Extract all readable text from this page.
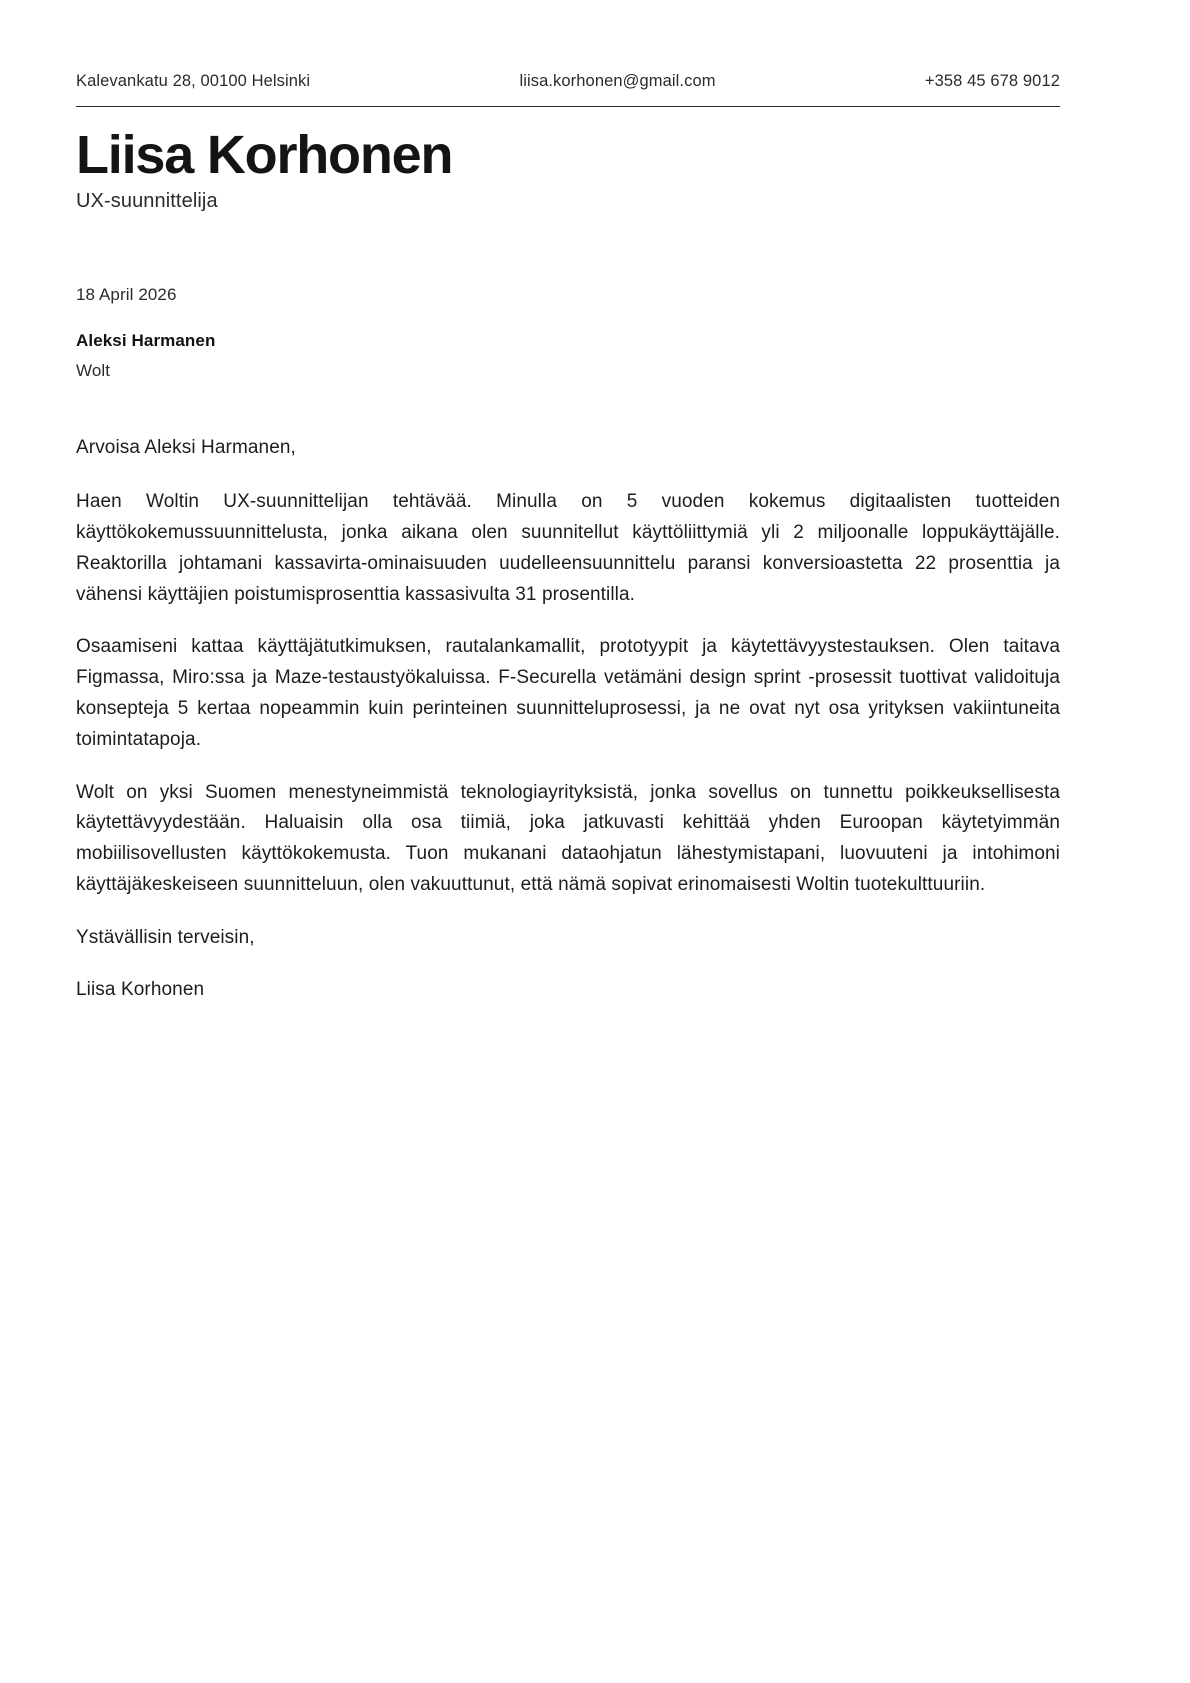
Kalevankatu 28, 00100 Helsinki	liisa.korhonen@gmail.com	+358 45 678 9012
Liisa Korhonen
UX-suunnittelija
18 April 2026
Aleksi Harmanen
Wolt
Arvoisa Aleksi Harmanen,

Haen Woltin UX-suunnittelijan tehtävää. Minulla on 5 vuoden kokemus digitaalisten tuotteiden käyttökokemussuunnittelusta, jonka aikana olen suunnitellut käyttöliittymiä yli 2 miljoonalle loppukäyttäjälle. Reaktorilla johtamani kassavirta-ominaisuuden uudelleensuunnittelu paransi konversioastetta 22 prosenttia ja vähensi käyttäjien poistumisprosenttia kassasivulta 31 prosentilla.

Osaamiseni kattaa käyttäjätutkimuksen, rautalankamallit, prototyypit ja käytettävyystestauksen. Olen taitava Figmassa, Miro:ssa ja Maze-testaustyökaluissa. F-Securella vetämäni design sprint -prosessit tuottivat validoituja konsepteja 5 kertaa nopeammin kuin perinteinen suunnitteluprosessi, ja ne ovat nyt osa yrityksen vakiintuneita toimintatapoja.

Wolt on yksi Suomen menestyneimmistä teknologiayrityksistä, jonka sovellus on tunnettu poikkeuksellisesta käytettävyydestään. Haluaisin olla osa tiimiä, joka jatkuvasti kehittää yhden Euroopan käytetyimmän mobiilisovellusten käyttökokemusta. Tuon mukanani dataohjatun lähestymistapani, luovuuteni ja intohimoni käyttäjäkeskeiseen suunnitteluun, olen vakuuttunut, että nämä sopivat erinomaisesti Woltin tuotekulttuuriin.

Ystävällisin terveisin,
Liisa Korhonen
